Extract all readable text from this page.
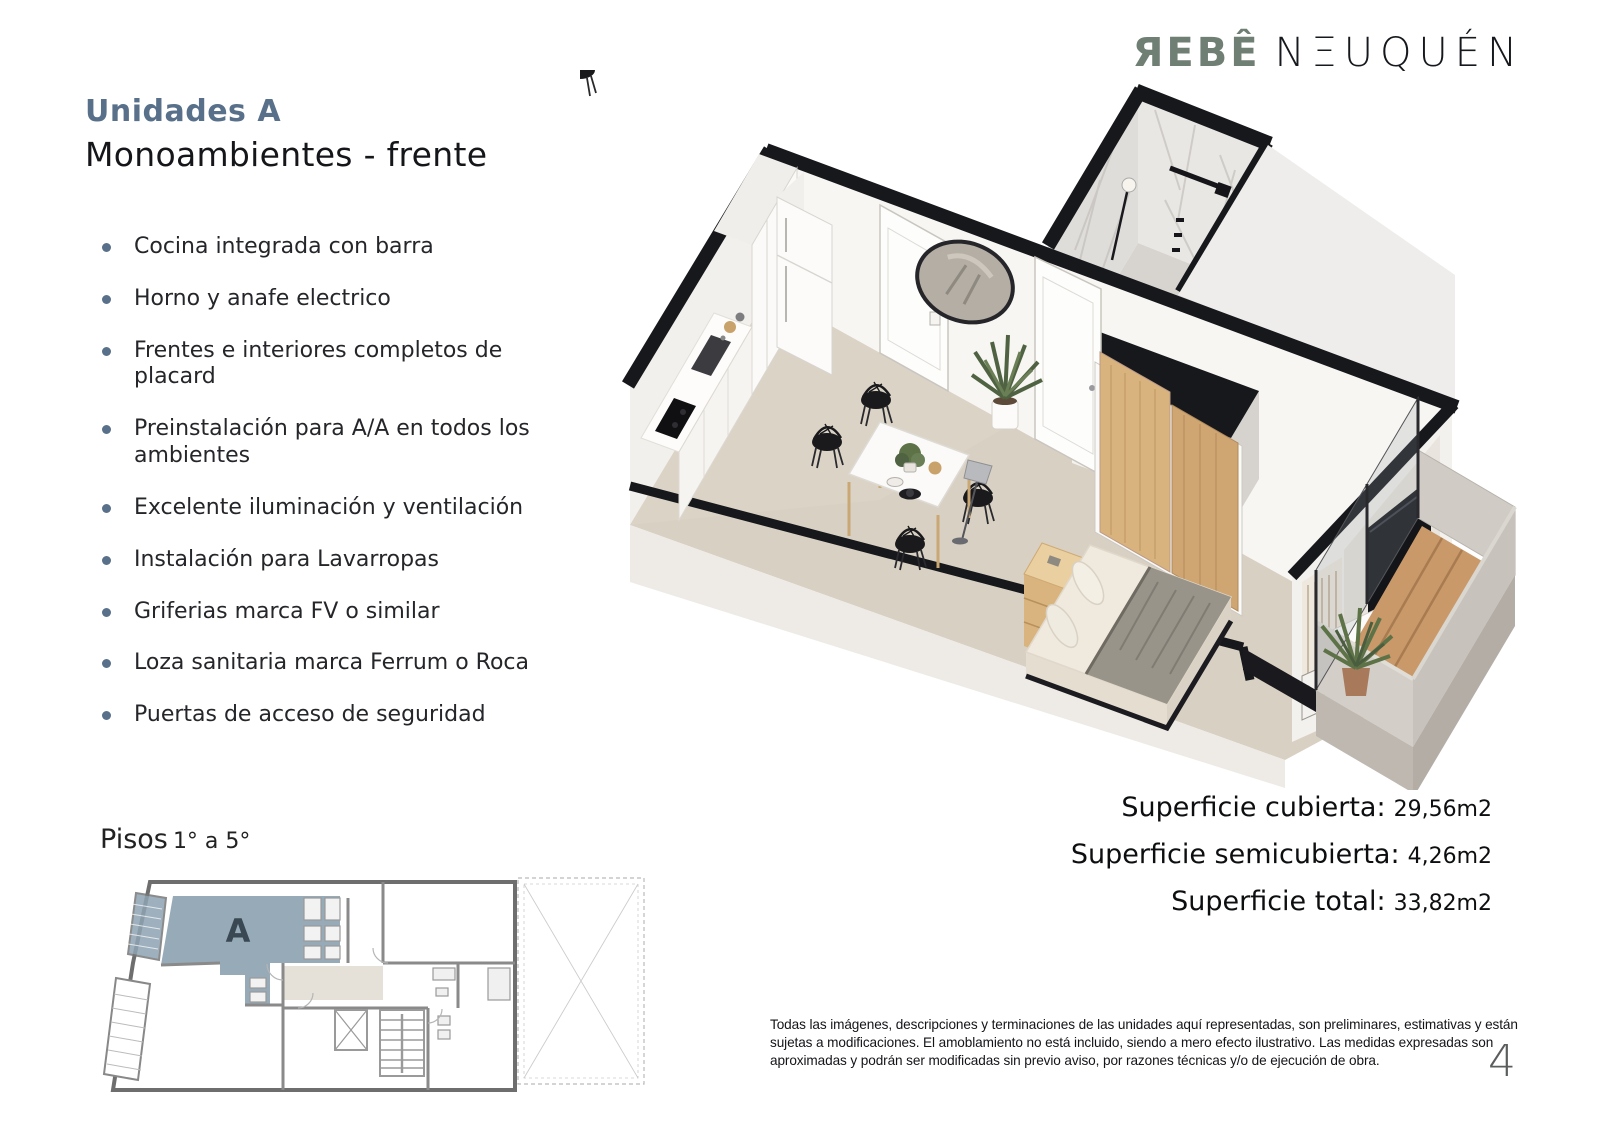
ЯEBÊ NΞUQUÉN
Unidades A
Monoambientes - frente
Cocina integrada con barra
Horno y anafe electrico
Frentes e interiores completos de placard
Preinstalación para A/A en todos los ambientes
Excelente iluminación y ventilación
Instalación para Lavarropas
Griferias marca FV o similar
Loza sanitaria marca Ferrum o Roca
Puertas de acceso de seguridad
Pisos 1° a 5°
A
Superficie cubierta: 29,56m2
Superficie semicubierta: 4,26m2
Superficie total: 33,82m2
Todas las imágenes, descripciones y terminaciones de las unidades aquí representadas, son preliminares, estimativas y están sujetas a modificaciones. El amoblamiento no está incluido, siendo a mero efecto ilustrativo. Las medidas expresadas son aproximadas y podrán ser modificadas sin previo aviso, por razones técnicas y/o de ejecución de obra.	4
